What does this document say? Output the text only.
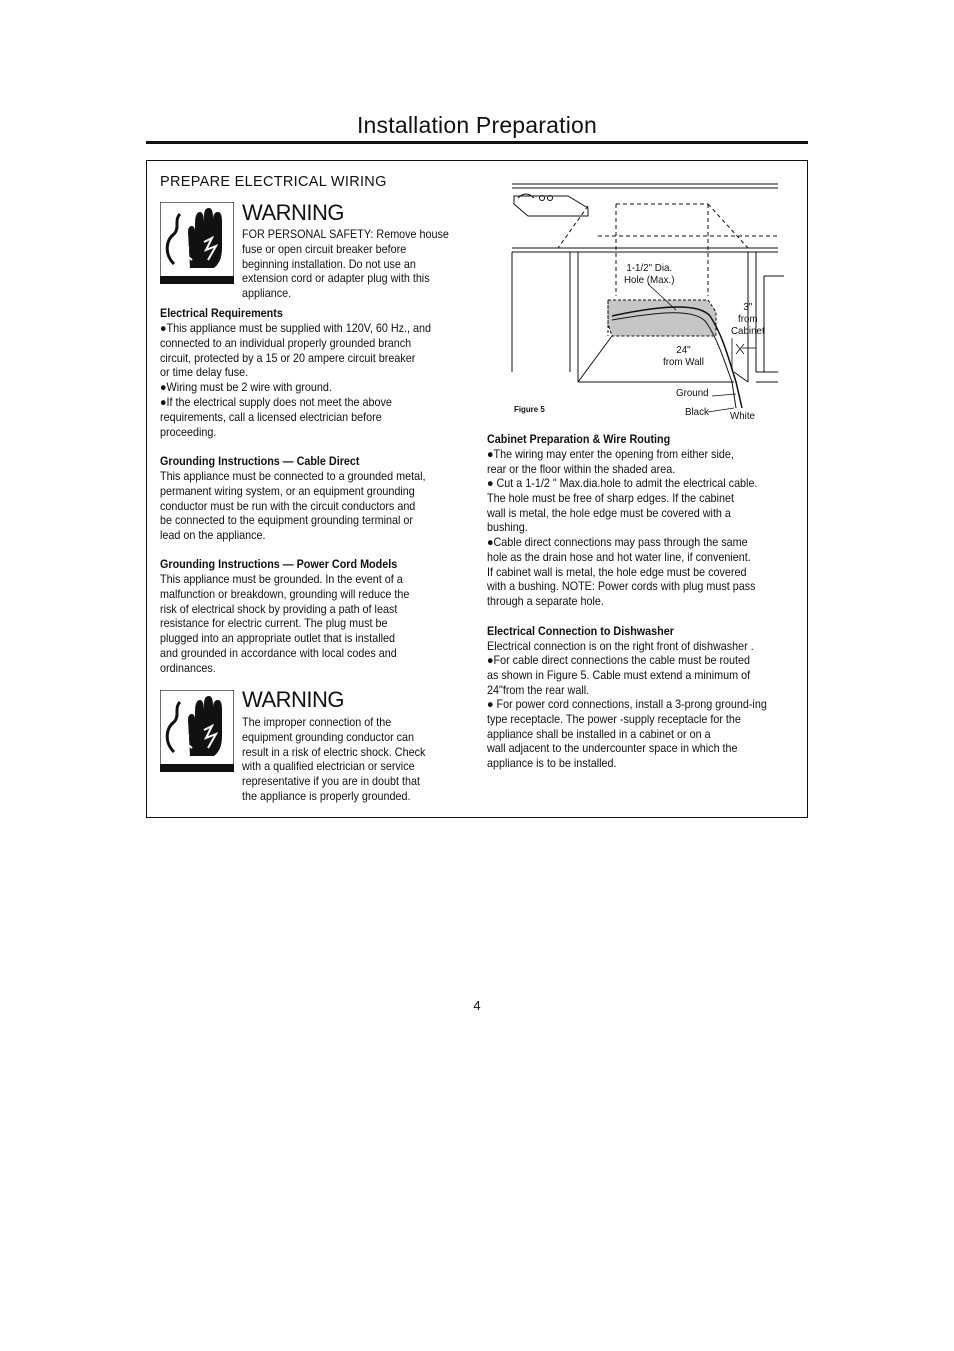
Installation Preparation
PREPARE ELECTRICAL WIRING
WARNING
FOR PERSONAL SAFETY: Remove house
fuse or open circuit breaker before
beginning installation. Do not use an
extension cord or adapter plug with this
appliance.
Electrical Requirements
●This appliance must be supplied with 120V, 60 Hz., and
connected to an individual properly grounded branch
circuit, protected by a 15 or 20 ampere circuit breaker
or time delay fuse.
●Wiring must be 2 wire with ground.
●If the electrical supply does not meet the above
requirements, call a licensed electrician before
proceeding.
Grounding Instructions — Cable Direct
This appliance must be connected to a grounded metal,
permanent wiring system, or an equipment grounding
conductor must be run with the circuit conductors and
be connected to the equipment grounding terminal or
lead on the appliance.
Grounding Instructions — Power Cord Models
This appliance must be grounded. In the event of a
malfunction or breakdown, grounding will reduce the
risk of electrical shock by providing a path of least
resistance for electric current. The plug must be
plugged into an appropriate outlet that is installed
and grounded in accordance with local codes and
ordinances.
WARNING
The improper connection of the
equipment grounding conductor can
result in a risk of electric shock. Check
with a qualified electrician or service
representative if you are in doubt that
the appliance is properly grounded.
1-1/2" Dia.
Hole (Max.)
3"
from
Cabinet
24"
from Wall
Ground
Black White
Figure 5
Cabinet Preparation & Wire Routing
●The wiring may enter the opening from either side,
rear or the floor within the shaded area.
● Cut a 1-1/2 " Max.dia.hole to admit the electrical cable.
The hole must be free of sharp edges. If the cabinet
wall is metal, the hole edge must be covered with a
bushing.
●Cable direct connections may pass through the same
hole as the drain hose and hot water line, if convenient.
If cabinet wall is metal, the hole edge must be covered
with a bushing. NOTE: Power cords with plug must pass
through a separate hole.
Electrical Connection to Dishwasher
Electrical connection is on the right front of dishwasher .
●For cable direct connections the cable must be routed
as shown in Figure 5. Cable must extend a minimum of
24"from the rear wall.
● For power cord connections, install a 3-prong ground-ing
type receptacle. The power -supply receptacle for the
appliance shall be installed in a cabinet or on a
wall adjacent to the undercounter space in which the
appliance is to be installed.
4
